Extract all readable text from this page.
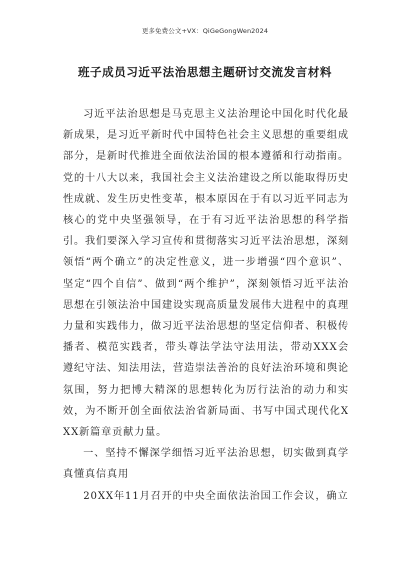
更多免费公文+VX：QiGeGongWen2024
班子成员习近平法治思想主题研讨交流发言材料

习近平法治思想是马克思主义法治理论中国化时代化最新成果，是习近平新时代中国特色社会主义思想的重要组成部分，是新时代推进全面依法治国的根本遵循和行动指南。党的十八大以来，我国社会主义法治建设之所以能取得历史性成就、发生历史性变革，根本原因在于有以习近平同志为核心的党中央坚强领导，在于有习近平法治思想的科学指引。我们要深入学习宣传和贯彻落实习近平法治思想，深刻领悟“两个确立”的决定性意义，进一步增强“四个意识”、坚定“四个自信”、做到“两个维护”，深刻领悟习近平法治思想在引领法治中国建设实现高质量发展伟大进程中的真理力量和实践伟力，做习近平法治思想的坚定信仰者、积极传播者、模范实践者，带头尊法学法守法用法，带动XXX会遵纪守法、知法用法，营造崇法善治的良好法治环境和舆论氛围，努力把博大精深的思想转化为厉行法治的动力和实效，为不断开创全面依法治省新局面、书写中国式现代化XXX新篇章贡献力量。

一、坚持不懈深学细悟习近平法治思想，切实做到真学真懂真信真用

20XX年11月召开的中央全面依法治国工作会议，确立
